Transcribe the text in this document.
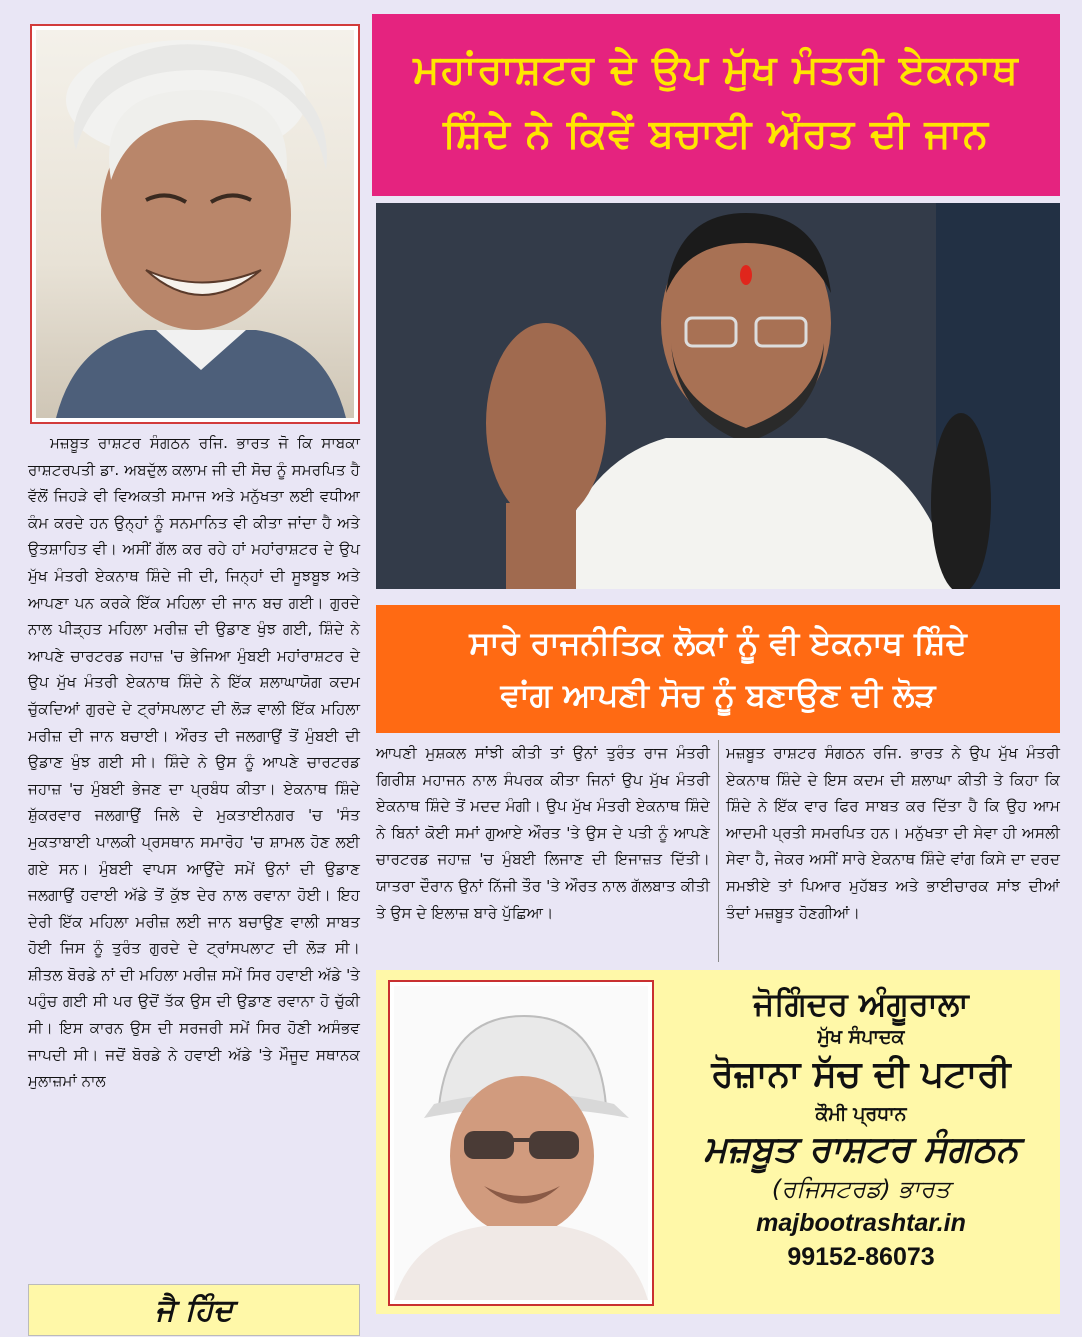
ਮਹਾਂਰਾਸ਼ਟਰ ਦੇ ਉਪ ਮੁੱਖ ਮੰਤਰੀ ਏਕਨਾਥ
ਸ਼ਿੰਦੇ ਨੇ ਕਿਵੇਂ ਬਚਾਈ ਔਰਤ ਦੀ ਜਾਨ
ਸਾਰੇ ਰਾਜਨੀਤਿਕ ਲੋਕਾਂ ਨੂੰ ਵੀ ਏਕਨਾਥ ਸ਼ਿੰਦੇ
ਵਾਂਗ ਆਪਣੀ ਸੋਚ ਨੂੰ ਬਣਾਉਣ ਦੀ ਲੋੜ

ਮਜ਼ਬੂਤ ਰਾਸ਼ਟਰ ਸੰਗਠਨ ਰਜਿ. ਭਾਰਤ ਜੋ ਕਿ ਸਾਬਕਾ ਰਾਸ਼ਟਰਪਤੀ ਡਾ. ਅਬਦੁੱਲ ਕਲਾਮ ਜੀ ਦੀ ਸੋਚ ਨੂੰ ਸਮਰਪਿਤ ਹੈ ਵੱਲੋਂ ਜਿਹੜੇ ਵੀ ਵਿਅਕਤੀ ਸਮਾਜ ਅਤੇ ਮਨੁੱਖਤਾ ਲਈ ਵਧੀਆ ਕੰਮ ਕਰਦੇ ਹਨ ਉਨ੍ਹਾਂ ਨੂੰ ਸਨਮਾਨਿਤ ਵੀ ਕੀਤਾ ਜਾਂਦਾ ਹੈ ਅਤੇ ਉਤਸ਼ਾਹਿਤ ਵੀ। ਅਸੀਂ ਗੱਲ ਕਰ ਰਹੇ ਹਾਂ ਮਹਾਂਰਾਸ਼ਟਰ ਦੇ ਉਪ ਮੁੱਖ ਮੰਤਰੀ ਏਕਨਾਥ ਸ਼ਿੰਦੇ ਜੀ ਦੀ, ਜਿਨ੍ਹਾਂ ਦੀ ਸੂਝਬੂਝ ਅਤੇ ਆਪਣਾ ਪਨ ਕਰਕੇ ਇੱਕ ਮਹਿਲਾ ਦੀ ਜਾਨ ਬਚ ਗਈ। ਗੁਰਦੇ ਨਾਲ ਪੀੜ੍ਹਤ ਮਹਿਲਾ ਮਰੀਜ਼ ਦੀ ਉਡਾਣ ਖੁੰਝ ਗਈ, ਸ਼ਿੰਦੇ ਨੇ ਆਪਣੇ ਚਾਰਟਰਡ ਜਹਾਜ਼ 'ਚ ਭੇਜਿਆ ਮੁੰਬਈ ਮਹਾਂਰਾਸ਼ਟਰ ਦੇ ਉਪ ਮੁੱਖ ਮੰਤਰੀ ਏਕਨਾਥ ਸ਼ਿੰਦੇ ਨੇ ਇੱਕ ਸ਼ਲਾਘਾਯੋਗ ਕਦਮ ਚੁੱਕਦਿਆਂ ਗੁਰਦੇ ਦੇ ਟ੍ਰਾਂਸਪਲਾਟ ਦੀ ਲੋੜ ਵਾਲੀ ਇੱਕ ਮਹਿਲਾ ਮਰੀਜ਼ ਦੀ ਜਾਨ ਬਚਾਈ। ਔਰਤ ਦੀ ਜਲਗਾਉਂ ਤੋਂ ਮੁੰਬਈ ਦੀ ਉਡਾਣ ਖੁੰਝ ਗਈ ਸੀ। ਸ਼ਿੰਦੇ ਨੇ ਉਸ ਨੂੰ ਆਪਣੇ ਚਾਰਟਰਡ ਜਹਾਜ਼ 'ਚ ਮੁੰਬਈ ਭੇਜਣ ਦਾ ਪ੍ਰਬੰਧ ਕੀਤਾ। ਏਕਨਾਥ ਸ਼ਿੰਦੇ ਸ਼ੁੱਕਰਵਾਰ ਜਲਗਾਉਂ ਜਿਲੇ ਦੇ ਮੁਕਤਾਈਨਗਰ 'ਚ 'ਸੰਤ ਮੁਕਤਾਬਾਈ ਪਾਲਕੀ ਪ੍ਰਸਥਾਨ ਸਮਾਰੋਹ 'ਚ ਸ਼ਾਮਲ ਹੋਣ ਲਈ ਗਏ ਸਨ। ਮੁੰਬਈ ਵਾਪਸ ਆਉਂਦੇ ਸਮੇਂ ਉਨਾਂ ਦੀ ਉਡਾਣ ਜਲਗਾਉਂ ਹਵਾਈ ਅੱਡੇ ਤੋਂ ਕੁੱਝ ਦੇਰ ਨਾਲ ਰਵਾਨਾ ਹੋਈ। ਇਹ ਦੇਰੀ ਇੱਕ ਮਹਿਲਾ ਮਰੀਜ਼ ਲਈ ਜਾਨ ਬਚਾਉਣ ਵਾਲੀ ਸਾਬਤ ਹੋਈ ਜਿਸ ਨੂੰ ਤੁਰੰਤ ਗੁਰਦੇ ਦੇ ਟ੍ਰਾਂਸਪਲਾਟ ਦੀ ਲੋੜ ਸੀ। ਸ਼ੀਤਲ ਬੋਰਡੇ ਨਾਂ ਦੀ ਮਹਿਲਾ ਮਰੀਜ਼ ਸਮੇਂ ਸਿਰ ਹਵਾਈ ਅੱਡੇ 'ਤੇ ਪਹੁੰਚ ਗਈ ਸੀ ਪਰ ਉਦੋਂ ਤੱਕ ਉਸ ਦੀ ਉਡਾਣ ਰਵਾਨਾ ਹੋ ਚੁੱਕੀ ਸੀ। ਇਸ ਕਾਰਨ ਉਸ ਦੀ ਸਰਜਰੀ ਸਮੇਂ ਸਿਰ ਹੋਣੀ ਅਸੰਭਵ ਜਾਪਦੀ ਸੀ। ਜਦੋਂ ਬੋਰਡੇ ਨੇ ਹਵਾਈ ਅੱਡੇ 'ਤੇ ਮੌਜੂਦ ਸਥਾਨਕ ਮੁਲਾਜ਼ਮਾਂ ਨਾਲ

ਆਪਣੀ ਮੁਸ਼ਕਲ ਸਾਂਝੀ ਕੀਤੀ ਤਾਂ ਉਨਾਂ ਤੁਰੰਤ ਰਾਜ ਮੰਤਰੀ ਗਿਰੀਸ਼ ਮਹਾਜਨ ਨਾਲ ਸੰਪਰਕ ਕੀਤਾ ਜਿਨਾਂ ਉਪ ਮੁੱਖ ਮੰਤਰੀ ਏਕਨਾਥ ਸ਼ਿੰਦੇ ਤੋਂ ਮਦਦ ਮੰਗੀ। ਉਪ ਮੁੱਖ ਮੰਤਰੀ ਏਕਨਾਥ ਸ਼ਿੰਦੇ ਨੇ ਬਿਨਾਂ ਕੋਈ ਸਮਾਂ ਗੁਆਏ ਔਰਤ 'ਤੇ ਉਸ ਦੇ ਪਤੀ ਨੂੰ ਆਪਣੇ ਚਾਰਟਰਡ ਜਹਾਜ਼ 'ਚ ਮੁੰਬਈ ਲਿਜਾਣ ਦੀ ਇਜਾਜ਼ਤ ਦਿੱਤੀ। ਯਾਤਰਾ ਦੌਰਾਨ ਉਨਾਂ ਨਿੱਜੀ ਤੌਰ 'ਤੇ ਔਰਤ ਨਾਲ ਗੱਲਬਾਤ ਕੀਤੀ ਤੇ ਉਸ ਦੇ ਇਲਾਜ਼ ਬਾਰੇ ਪੁੱਛਿਆ।

ਮਜ਼ਬੂਤ ਰਾਸ਼ਟਰ ਸੰਗਠਨ ਰਜਿ. ਭਾਰਤ ਨੇ ਉਪ ਮੁੱਖ ਮੰਤਰੀ ਏਕਨਾਥ ਸ਼ਿੰਦੇ ਦੇ ਇਸ ਕਦਮ ਦੀ ਸ਼ਲਾਘਾ ਕੀਤੀ ਤੇ ਕਿਹਾ ਕਿ ਸ਼ਿੰਦੇ ਨੇ ਇੱਕ ਵਾਰ ਫਿਰ ਸਾਬਤ ਕਰ ਦਿੱਤਾ ਹੈ ਕਿ ਉਹ ਆਮ ਆਦਮੀ ਪ੍ਰਤੀ ਸਮਰਪਿਤ ਹਨ। ਮਨੁੱਖਤਾ ਦੀ ਸੇਵਾ ਹੀ ਅਸਲੀ ਸੇਵਾ ਹੈ, ਜੇਕਰ ਅਸੀਂ ਸਾਰੇ ਏਕਨਾਥ ਸ਼ਿੰਦੇ ਵਾਂਗ ਕਿਸੇ ਦਾ ਦਰਦ ਸਮਝੀਏ ਤਾਂ ਪਿਆਰ ਮੁਹੱਬਤ ਅਤੇ ਭਾਈਚਾਰਕ ਸਾਂਝ ਦੀਆਂ ਤੰਦਾਂ ਮਜ਼ਬੂਤ ਹੋਣਗੀਆਂ।

ਜੈ ਹਿੰਦ
ਜੋਗਿੰਦਰ ਅੰਗੂਰਾਲਾ
ਮੁੱਖ ਸੰਪਾਦਕ
ਰੋਜ਼ਾਨਾ ਸੱਚ ਦੀ ਪਟਾਰੀ
ਕੌਮੀ ਪ੍ਰਧਾਨ
ਮਜ਼ਬੂਤ ਰਾਸ਼ਟਰ ਸੰਗਠਨ
(ਰਜਿਸਟਰਡ) ਭਾਰਤ
majbootrashtar.in
99152-86073
